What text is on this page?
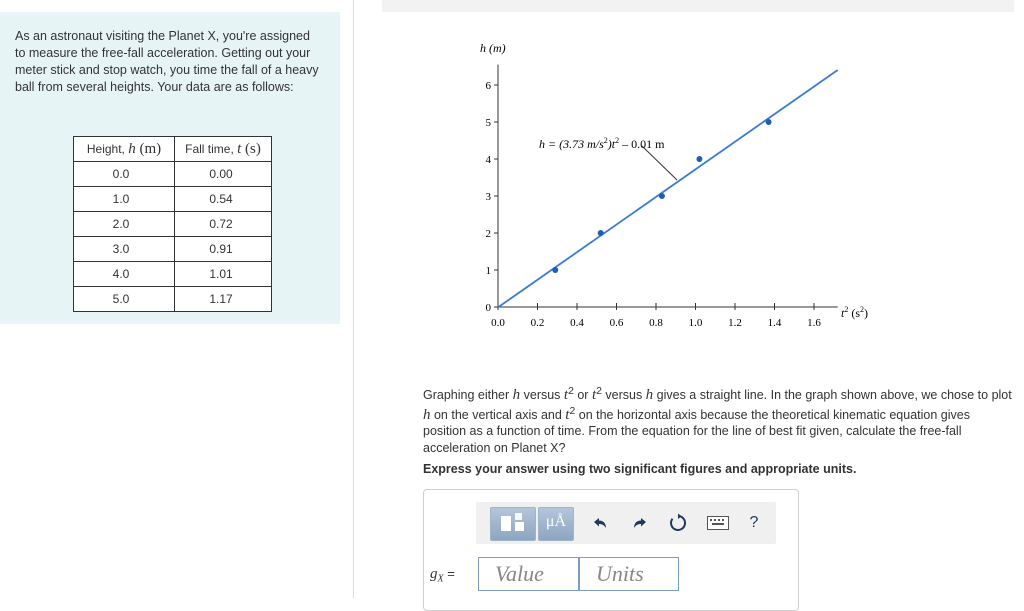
As an astronaut visiting the Planet X, you're assigned to measure the free-fall acceleration. Getting out your meter stick and stop watch, you time the fall of a heavy ball from several heights. Your data are as follows:

Height, h (m)	Fall time, t (s)
0.0	0.00
1.0	0.54
2.0	0.72
3.0	0.91
4.0	1.01
5.0	1.17
h (m)
0
1
2
3
4
5
6
0.0 0.2 0.4 0.6 0.8 1.0 1.2 1.4 1.6
h = (3.73 $m/s^2)t^2 - 0.01$ m
$t^2$ $(s^2)$

Graphing either h versus $t^2$ or $t^2$ versus h gives a straight line. In the graph shown above, we chose to plot h on the vertical axis and $t^2$ on the horizontal axis because the theoretical kinematic equation gives position as a function of time. From the equation for the line of best fit given, calculate the free-fall acceleration on Planet X?

Express your answer using two significant figures and appropriate units.
μÅ	?
$g_X$ =
Value
Units
